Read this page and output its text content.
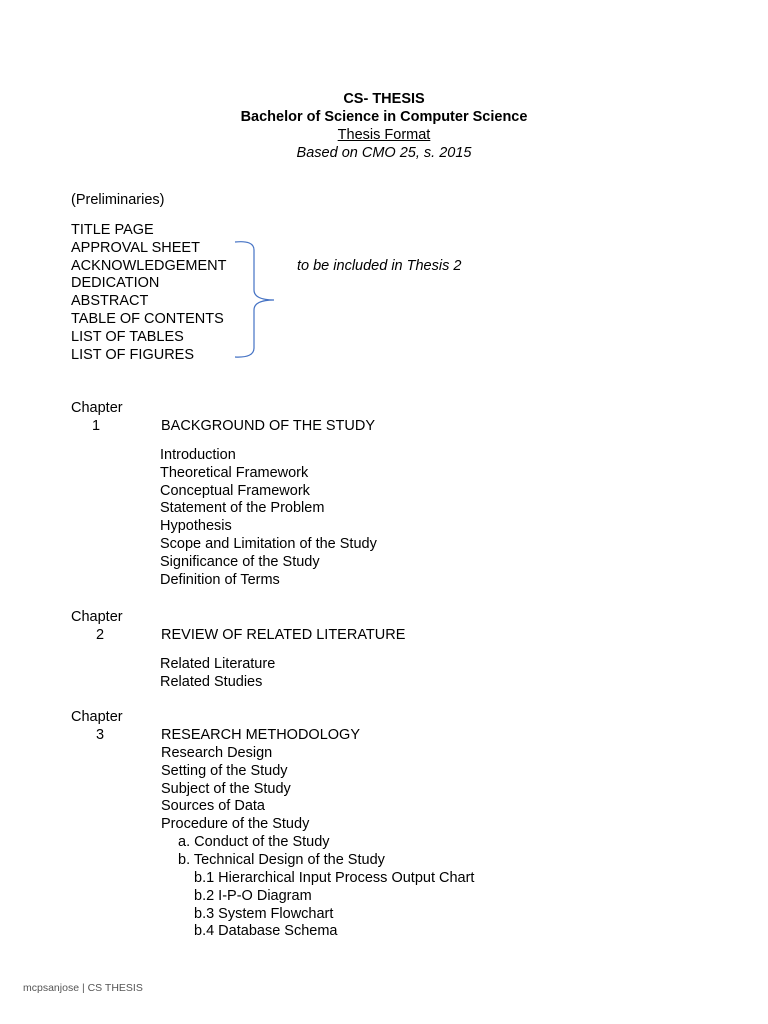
CS- THESIS
Bachelor of Science in Computer Science
Thesis Format
Based on CMO 25, s. 2015
(Preliminaries)
TITLE PAGE
APPROVAL SHEET
ACKNOWLEDGEMENT
DEDICATION
ABSTRACT
TABLE OF CONTENTS
LIST OF TABLES
LIST OF FIGURES
to be included in Thesis 2
Chapter
1	BACKGROUND OF THE STUDY
Introduction
Theoretical Framework
Conceptual Framework
Statement of the Problem
Hypothesis
Scope and Limitation of the Study
Significance of the Study
Definition of Terms
Chapter
2	REVIEW OF RELATED LITERATURE
Related Literature
Related Studies
Chapter
3	RESEARCH METHODOLOGY
Research Design
Setting of the Study
Subject of the Study
Sources of Data
Procedure of the Study
a. Conduct of the Study
b. Technical Design of the Study
b.1 Hierarchical Input Process Output Chart
b.2 I-P-O Diagram
b.3 System Flowchart
b.4 Database Schema
mcpsanjose | CS THESIS
